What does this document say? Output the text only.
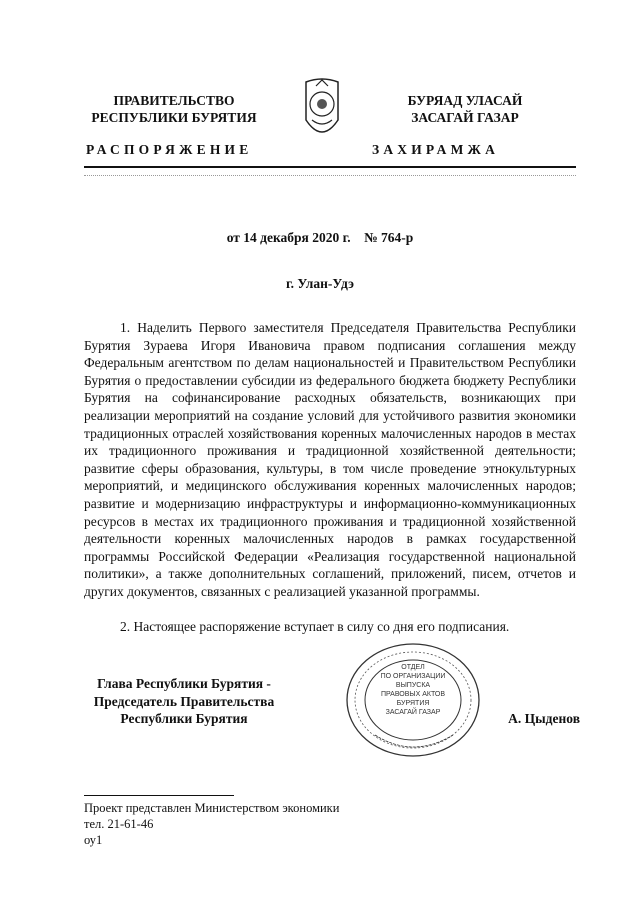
ПРАВИТЕЛЬСТВО
РЕСПУБЛИКИ БУРЯТИЯ
БУРЯАД УЛАСАЙ
ЗАСАГАЙ ГАЗАР
РАСПОРЯЖЕНИЕ	ЗАХИРАМЖА
от 14 декабря 2020 г.    № 764-р
г. Улан-Удэ

1. Наделить Первого заместителя Председателя Правительства Республики Бурятия Зураева Игоря Ивановича правом подписания соглашения между Федеральным агентством по делам национальностей и Правительством Республики Бурятия о предоставлении субсидии из федерального бюджета бюджету Республики Бурятия на софинансирование расходных обязательств, возникающих при реализации мероприятий на создание условий для устойчивого развития экономики традиционных отраслей хозяйствования коренных малочисленных народов в местах их традиционного проживания и традиционной хозяйственной деятельности; развитие сферы образования, культуры, в том числе проведение этнокультурных мероприятий, и медицинского обслуживания коренных малочисленных народов; развитие и модернизацию инфраструктуры и информационно-коммуникационных ресурсов в местах их традиционного проживания и традиционной хозяйственной деятельности коренных малочисленных народов в рамках государственной программы Российской Федерации «Реализация государственной национальной политики», а также дополнительных соглашений, приложений, писем, отчетов и других документов, связанных с реализацией указанной программы.

2. Настоящее распоряжение вступает в силу со дня его подписания.

Глава Республики Бурятия -
Председатель Правительства
Республики Бурятия
ОТДЕЛ
ПО ОРГАНИЗАЦИИ
ВЫПУСКА
ПРАВОВЫХ АКТОВ
БУРЯТИЯ
ЗАСАГАЙ ГАЗАР	А. Цыденов
Проект представлен Министерством экономики
тел. 21-61-46
оу1
